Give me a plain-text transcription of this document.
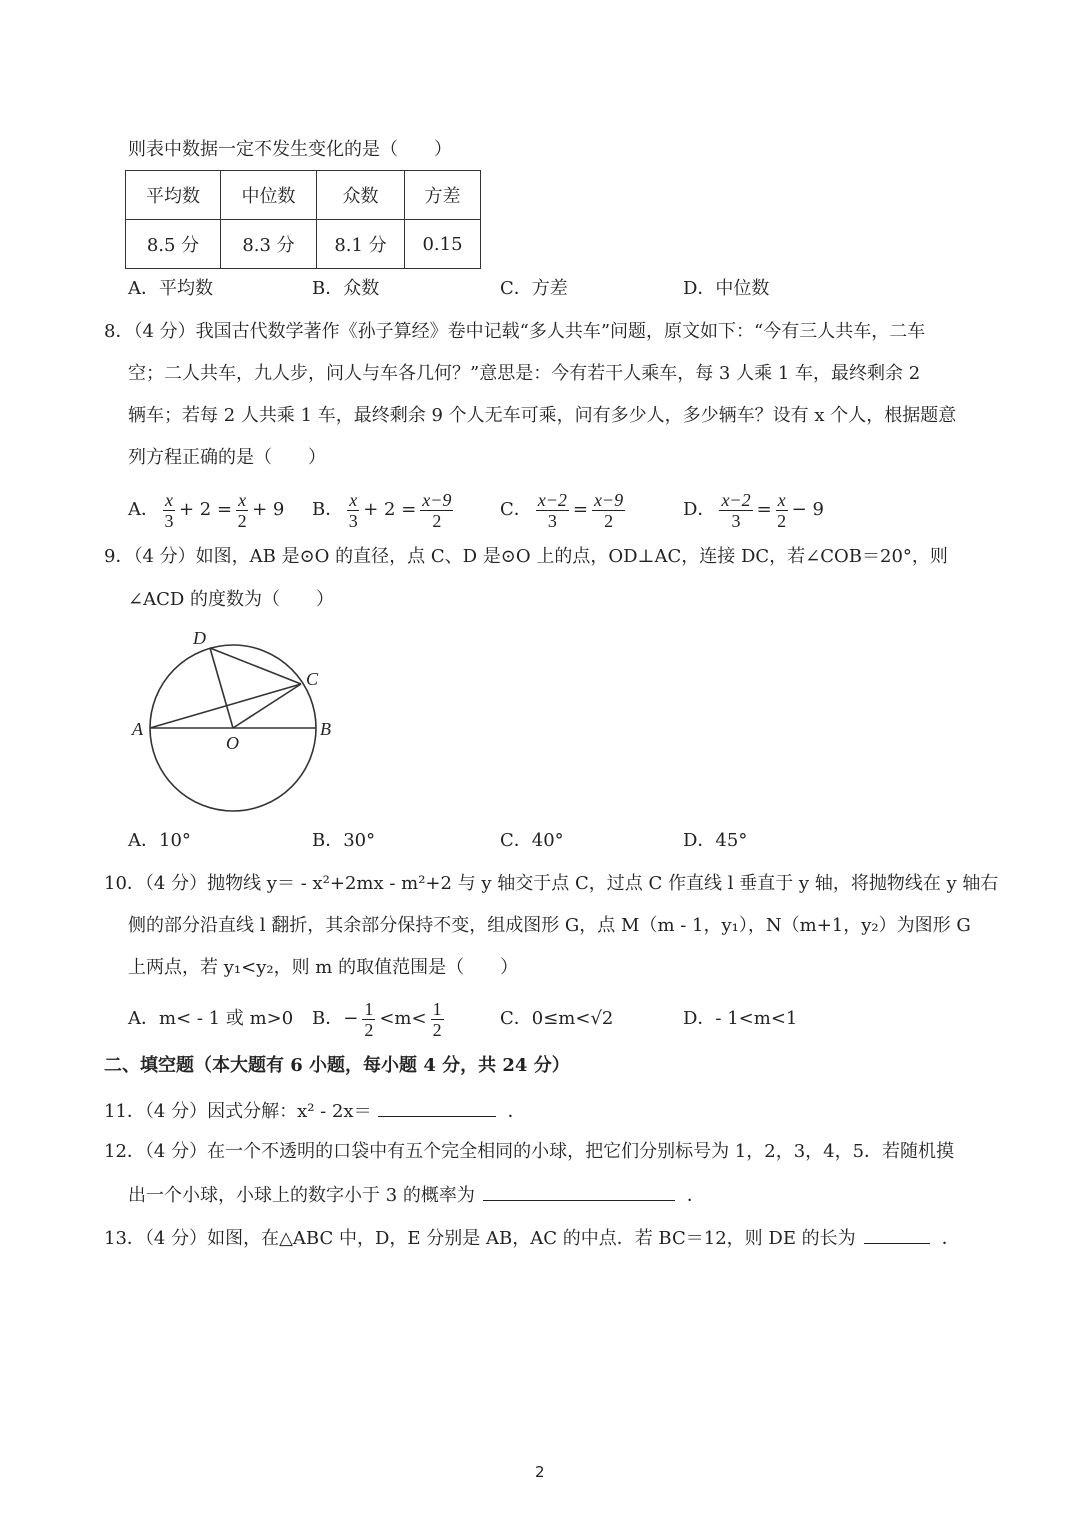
则表中数据一定不发生变化的是（　　）
平均数	中位数	众数	方差
8.5 分	8.3 分	8.1 分	0.15
A．平均数	B．众数	C．方差	D．中位数
8．（4 分）我国古代数学著作《孙子算经》卷中记载“多人共车”问题，原文如下：“今有三人共车，二车
空；二人共车，九人步，问人与车各几何？”意思是：今有若干人乘车，每 3 人乘 1 车，最终剩余 2
辆车；若每 2 人共乘 1 车，最终剩余 9 个人无车可乘，问有多少人，多少辆车？设有 x 个人，根据题意
列方程正确的是（　　）
A． $\frac{x}{3} + 2 = \frac{x}{2} + 9$ B． $\frac{x}{3} + 2 = \frac{x-9}{2}$	C． $\frac{x-2}{3} = \frac{x-9}{2}$	D． $\frac{x-2}{3} = \frac{x}{2} - 9$
9．（4 分）如图，AB 是⊙O 的直径，点 C、D 是⊙O 上的点，OD⊥AC，连接 DC，若∠COB＝20°，则
∠ACD 的度数为（　　）
D
C
A	B
O
A．10°	B．30°	C．40°	D．45°
10．（4 分）抛物线 y＝ - x²+2mx - m²+2 与 y 轴交于点 C，过点 C 作直线 l 垂直于 y 轴，将抛物线在 y 轴右
侧的部分沿直线 l 翻折，其余部分保持不变，组成图形 G，点 M（m - 1，y₁），N（m+1，y₂）为图形 G
上两点，若 y₁<y₂，则 m 的取值范围是（　　）
A．m< - 1 或 m>0 B．− $\frac{1}{2} <m< \frac{1}{2}$	C．0≤m<√2	D．- 1<m<1
二、填空题（本大题有 6 小题，每小题 4 分，共 24 分）
11．（4 分）因式分解：x² - 2x＝	．
12．（4 分）在一个不透明的口袋中有五个完全相同的小球，把它们分别标号为 1，2，3，4，5．若随机摸
出一个小球，小球上的数字小于 3 的概率为	．
13．（4 分）如图，在△ABC 中，D，E 分别是 AB，AC 的中点．若 BC＝12，则 DE 的长为	．
2
